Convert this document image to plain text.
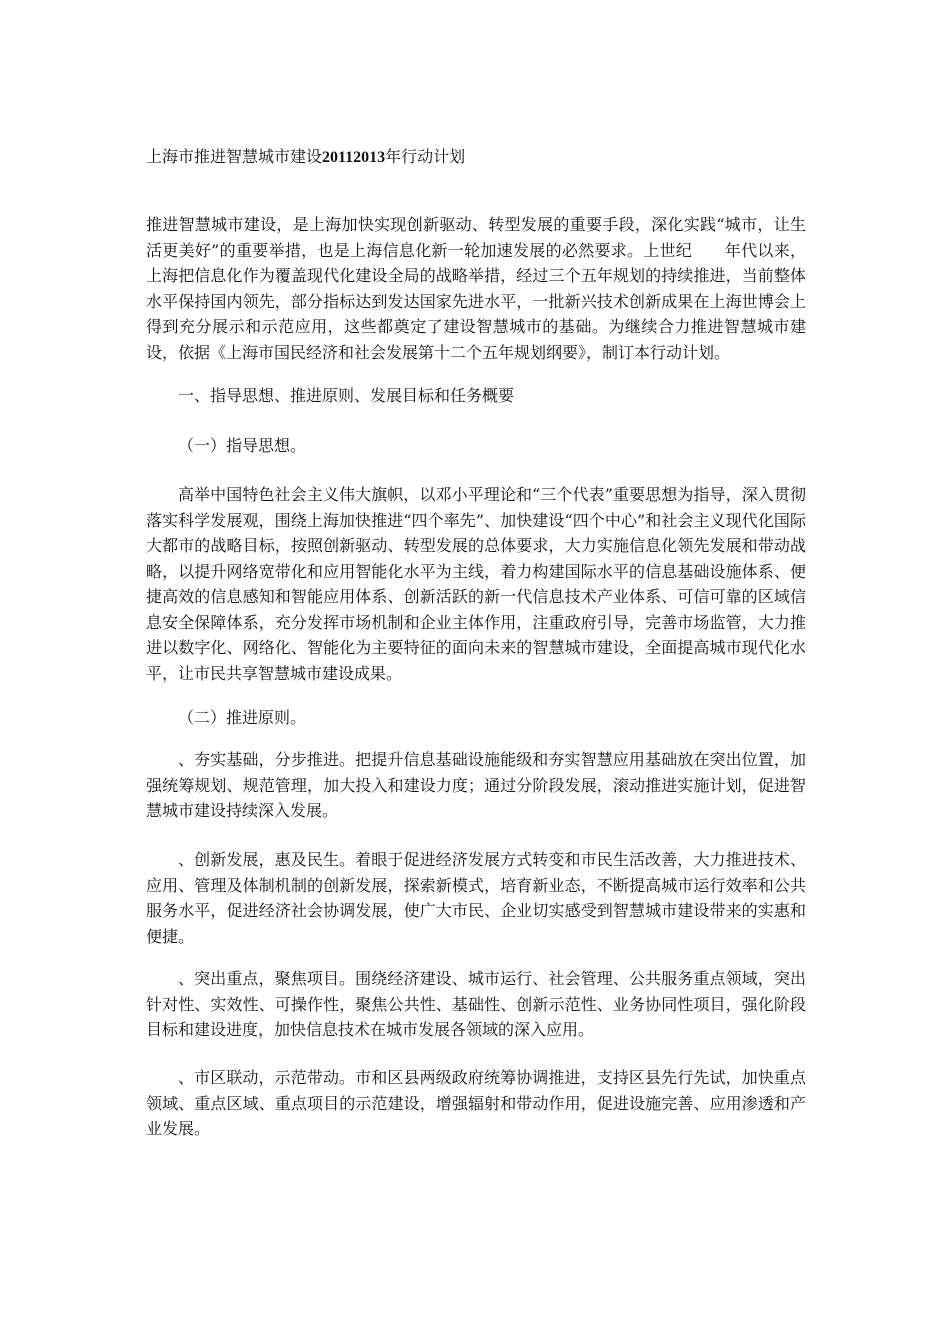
上海市推进智慧城市建设20112013年行动计划

推进智慧城市建设，是上海加快实现创新驱动、转型发展的重要手段，深化实践“城市，让生活更美好”的重要举措，也是上海信息化新一轮加速发展的必然要求。上世纪　　年代以来，上海把信息化作为覆盖现代化建设全局的战略举措，经过三个五年规划的持续推进，当前整体水平保持国内领先，部分指标达到发达国家先进水平，一批新兴技术创新成果在上海世博会上得到充分展示和示范应用，这些都奠定了建设智慧城市的基础。为继续合力推进智慧城市建设，依据《上海市国民经济和社会发展第十二个五年规划纲要》，制订本行动计划。

一、指导思想、推进原则、发展目标和任务概要

（一）指导思想。

高举中国特色社会主义伟大旗帜，以邓小平理论和“三个代表”重要思想为指导，深入贯彻落实科学发展观，围绕上海加快推进“四个率先”、加快建设“四个中心”和社会主义现代化国际大都市的战略目标，按照创新驱动、转型发展的总体要求，大力实施信息化领先发展和带动战略，以提升网络宽带化和应用智能化水平为主线，着力构建国际水平的信息基础设施体系、便捷高效的信息感知和智能应用体系、创新活跃的新一代信息技术产业体系、可信可靠的区域信息安全保障体系，充分发挥市场机制和企业主体作用，注重政府引导，完善市场监管，大力推进以数字化、网络化、智能化为主要特征的面向未来的智慧城市建设，全面提高城市现代化水平，让市民共享智慧城市建设成果。

（二）推进原则。

、夯实基础，分步推进。把提升信息基础设施能级和夯实智慧应用基础放在突出位置，加强统筹规划、规范管理，加大投入和建设力度；通过分阶段发展，滚动推进实施计划，促进智慧城市建设持续深入发展。

、创新发展，惠及民生。着眼于促进经济发展方式转变和市民生活改善，大力推进技术、应用、管理及体制机制的创新发展，探索新模式，培育新业态，不断提高城市运行效率和公共服务水平，促进经济社会协调发展，使广大市民、企业切实感受到智慧城市建设带来的实惠和便捷。

、突出重点，聚焦项目。围绕经济建设、城市运行、社会管理、公共服务重点领域，突出针对性、实效性、可操作性，聚焦公共性、基础性、创新示范性、业务协同性项目，强化阶段目标和建设进度，加快信息技术在城市发展各领域的深入应用。

、市区联动，示范带动。市和区县两级政府统筹协调推进，支持区县先行先试，加快重点领域、重点区域、重点项目的示范建设，增强辐射和带动作用，促进设施完善、应用渗透和产业发展。
